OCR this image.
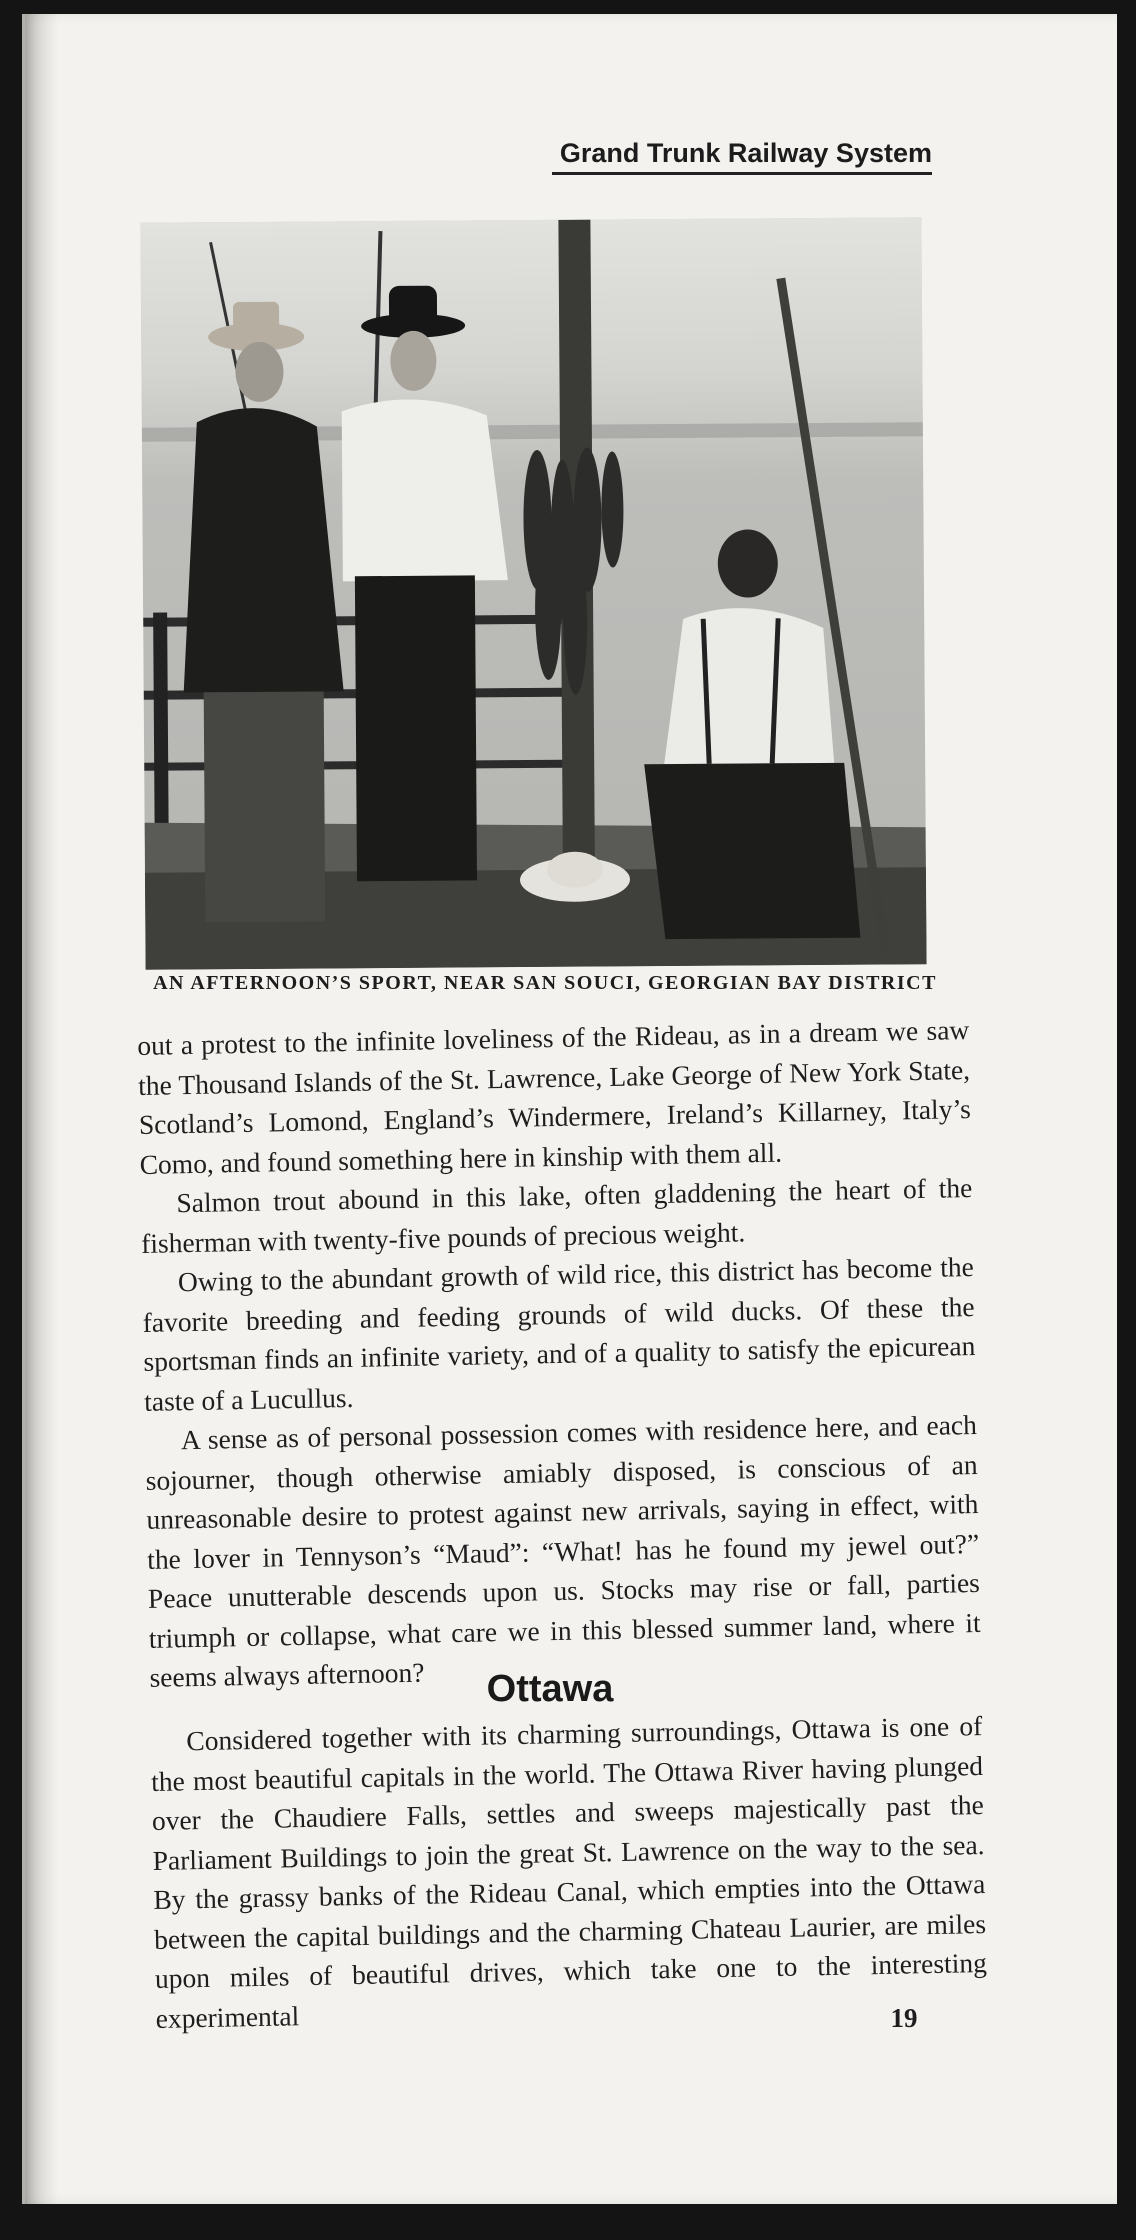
Grand Trunk Railway System
AN AFTERNOON’S SPORT, NEAR SAN SOUCI, GEORGIAN BAY DISTRICT

out a protest to the infinite loveliness of the Rideau, as in a dream we saw the Thousand Islands of the St. Lawrence, Lake George of New York State, Scotland’s Lomond, England’s Windermere, Ireland’s Killarney, Italy’s Como, and found something here in kinship with them all.

Salmon trout abound in this lake, often gladdening the heart of the fisherman with twenty-five pounds of precious weight.

Owing to the abundant growth of wild rice, this district has become the favorite breeding and feeding grounds of wild ducks. Of these the sportsman finds an infinite variety, and of a quality to satisfy the epicurean taste of a Lucullus.

A sense as of personal possession comes with residence here, and each sojourner, though otherwise amiably disposed, is conscious of an unreasonable desire to protest against new arrivals, saying in effect, with the lover in Tennyson’s “Maud”: “What! has he found my jewel out?” Peace unutterable descends upon us. Stocks may rise or fall, parties triumph or collapse, what care we in this blessed summer land, where it seems always afternoon?	Ottawa

Considered together with its charming surroundings, Ottawa is one of the most beautiful capitals in the world. The Ottawa River having plunged over the Chaudiere Falls, settles and sweeps majestically past the Parliament Buildings to join the great St. Lawrence on the way to the sea. By the grassy banks of the Rideau Canal, which empties into the Ottawa between the capital buildings and the charming Chateau Laurier, are miles upon miles of beautiful drives, which take one to the interesting experimental	19
